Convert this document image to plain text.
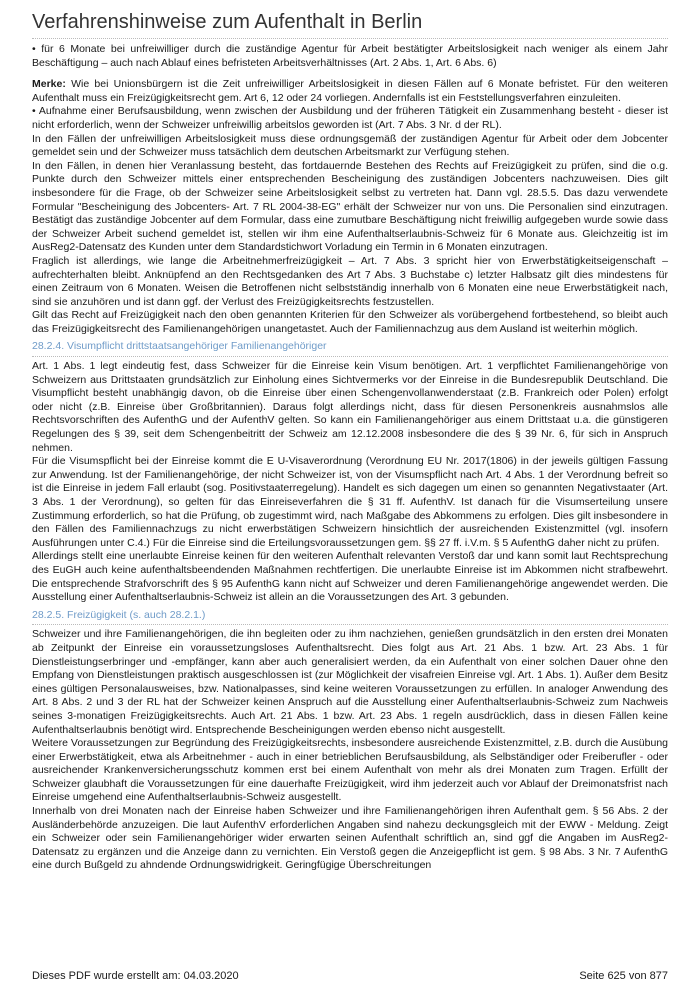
Verfahrenshinweise zum Aufenthalt in Berlin

• für 6 Monate bei unfreiwilliger durch die zuständige Agentur für Arbeit bestätigter Arbeitslosigkeit nach weniger als einem Jahr Beschäftigung – auch nach Ablauf eines befristeten Arbeitsverhältnisses (Art. 2 Abs. 1, Art. 6 Abs. 6)

Merke: Wie bei Unionsbürgern ist die Zeit unfreiwilliger Arbeitslosigkeit in diesen Fällen auf 6 Monate befristet. Für den weiteren Aufenthalt muss ein Freizügigkeitsrecht gem. Art 6, 12 oder 24 vorliegen. Andernfalls ist ein Feststellungsverfahren einzuleiten.

• Aufnahme einer Berufsausbildung, wenn zwischen der Ausbildung und der früheren Tätigkeit ein Zusammenhang besteht - dieser ist nicht erforderlich, wenn der Schweizer unfreiwillig arbeitslos geworden ist (Art. 7 Abs. 3 Nr. d der RL).

In den Fällen der unfreiwilligen Arbeitslosigkeit muss diese ordnungsgemäß der zuständigen Agentur für Arbeit oder dem Jobcenter gemeldet sein und der Schweizer muss tatsächlich dem deutschen Arbeitsmarkt zur Verfügung stehen.

In den Fällen, in denen hier Veranlassung besteht, das fortdauernde Bestehen des Rechts auf Freizügigkeit zu prüfen, sind die o.g. Punkte durch den Schweizer mittels einer entsprechenden Bescheinigung des zuständigen Jobcenters nachzuweisen. Dies gilt insbesondere für die Frage, ob der Schweizer seine Arbeitslosigkeit selbst zu vertreten hat. Dann vgl. 28.5.5. Das dazu verwendete Formular "Bescheinigung des Jobcenters- Art. 7 RL 2004-38-EG" erhält der Schweizer nur von uns. Die Personalien sind einzutragen. Bestätigt das zuständige Jobcenter auf dem Formular, dass eine zumutbare Beschäftigung nicht freiwillig aufgegeben wurde sowie dass der Schweizer Arbeit suchend gemeldet ist, stellen wir ihm eine Aufenthaltserlaubnis-Schweiz für 6 Monate aus. Gleichzeitig ist im AusReg2-Datensatz des Kunden unter dem Standardstichwort Vorladung ein Termin in 6 Monaten einzutragen.

Fraglich ist allerdings, wie lange die Arbeitnehmerfreizügigkeit – Art. 7 Abs. 3 spricht hier von Erwerbstätigkeitseigenschaft – aufrechterhalten bleibt. Anknüpfend an den Rechtsgedanken des Art 7 Abs. 3 Buchstabe c) letzter Halbsatz gilt dies mindestens für einen Zeitraum von 6 Monaten. Weisen die Betroffenen nicht selbstständig innerhalb von 6 Monaten eine neue Erwerbstätigkeit nach, sind sie anzuhören und ist dann ggf. der Verlust des Freizügigkeitsrechts festzustellen.

Gilt das Recht auf Freizügigkeit nach den oben genannten Kriterien für den Schweizer als vorübergehend fortbestehend, so bleibt auch das Freizügigkeitsrecht des Familienangehörigen unangetastet. Auch der Familiennachzug aus dem Ausland ist weiterhin möglich.

28.2.4. Visumpflicht drittstaatsangehöriger Familienangehöriger

Art. 1 Abs. 1 legt eindeutig fest, dass Schweizer für die Einreise kein Visum benötigen. Art. 1 verpflichtet Familienangehörige von Schweizern aus Drittstaaten grundsätzlich zur Einholung eines Sichtvermerks vor der Einreise in die Bundesrepublik Deutschland. Die Visumpflicht besteht unabhängig davon, ob die Einreise über einen Schengenvollanwenderstaat (z.B. Frankreich oder Polen) erfolgt oder nicht (z.B. Einreise über Großbritannien). Daraus folgt allerdings nicht, dass für diesen Personenkreis ausnahmslos alle Rechtsvorschriften des AufenthG und der AufenthV gelten. So kann ein Familienangehöriger aus einem Drittstaat u.a. die günstigeren Regelungen des § 39, seit dem Schengenbeitritt der Schweiz am 12.12.2008 insbesondere die des § 39 Nr. 6, für sich in Anspruch nehmen.

Für die Visumspflicht bei der Einreise kommt die E U-Visaverordnung (Verordnung EU Nr. 2017(1806) in der jeweils gültigen Fassung zur Anwendung. Ist der Familienangehörige, der nicht Schweizer ist, von der Visumspflicht nach Art. 4 Abs. 1 der Verordnung befreit so ist die Einreise in jedem Fall erlaubt (sog. Positivstaaterregelung). Handelt es sich dagegen um einen so genannten Negativstaater (Art. 3 Abs. 1 der Verordnung), so gelten für das Einreiseverfahren die § 31 ff. AufenthV. Ist danach für die Visumserteilung unsere Zustimmung erforderlich, so hat die Prüfung, ob zugestimmt wird, nach Maßgabe des Abkommens zu erfolgen. Dies gilt insbesondere in den Fällen des Familiennachzugs zu nicht erwerbstätigen Schweizern hinsichtlich der ausreichenden Existenzmittel (vgl. insofern Ausführungen unter C.4.) Für die Einreise sind die Erteilungsvoraussetzungen gem. §§ 27 ff. i.V.m. § 5 AufenthG daher nicht zu prüfen.

Allerdings stellt eine unerlaubte Einreise keinen für den weiteren Aufenthalt relevanten Verstoß dar und kann somit laut Rechtsprechung des EuGH auch keine aufenthaltsbeendenden Maßnahmen rechtfertigen. Die unerlaubte Einreise ist im Abkommen nicht strafbewehrt. Die entsprechende Strafvorschrift des § 95 AufenthG kann nicht auf Schweizer und deren Familienangehörige angewendet werden. Die Ausstellung einer Aufenthaltserlaubnis-Schweiz ist allein an die Voraussetzungen des Art. 3 gebunden.

28.2.5. Freizügigkeit (s. auch 28.2.1.)

Schweizer und ihre Familienangehörigen, die ihn begleiten oder zu ihm nachziehen, genießen grundsätzlich in den ersten drei Monaten ab Zeitpunkt der Einreise ein voraussetzungsloses Aufenthaltsrecht. Dies folgt aus Art. 21 Abs. 1 bzw. Art. 23 Abs. 1 für Dienstleistungserbringer und -empfänger, kann aber auch generalisiert werden, da ein Aufenthalt von einer solchen Dauer ohne den Empfang von Dienstleistungen praktisch ausgeschlossen ist (zur Möglichkeit der visafreien Einreise vgl. Art. 1 Abs. 1). Außer dem Besitz eines gültigen Personalausweises, bzw. Nationalpasses, sind keine weiteren Voraussetzungen zu erfüllen. In analoger Anwendung des Art. 8 Abs. 2 und 3 der RL hat der Schweizer keinen Anspruch auf die Ausstellung einer Aufenthaltserlaubnis-Schweiz zum Nachweis seines 3-monatigen Freizügigkeitsrechts. Auch Art. 21 Abs. 1 bzw. Art. 23 Abs. 1 regeln ausdrücklich, dass in diesen Fällen keine Aufenthaltserlaubnis benötigt wird. Entsprechende Bescheinigungen werden ebenso nicht ausgestellt.

Weitere Voraussetzungen zur Begründung des Freizügigkeitsrechts, insbesondere ausreichende Existenzmittel, z.B. durch die Ausübung einer Erwerbstätigkeit, etwa als Arbeitnehmer - auch in einer betrieblichen Berufsausbildung, als Selbständiger oder Freiberufler - oder ausreichender Krankenversicherungsschutz kommen erst bei einem Aufenthalt von mehr als drei Monaten zum Tragen. Erfüllt der Schweizer glaubhaft die Voraussetzungen für eine dauerhafte Freizügigkeit, wird ihm jederzeit auch vor Ablauf der Dreimonatsfrist nach Einreise umgehend eine Aufenthaltserlaubnis-Schweiz ausgestellt.

Innerhalb von drei Monaten nach der Einreise haben Schweizer und ihre Familienangehörigen ihren Aufenthalt gem. § 56 Abs. 2 der Ausländerbehörde anzuzeigen. Die laut AufenthV erforderlichen Angaben sind nahezu deckungsgleich mit der EWW - Meldung. Zeigt ein Schweizer oder sein Familienangehöriger wider erwarten seinen Aufenthalt schriftlich an, sind ggf die Angaben im AusReg2-Datensatz zu ergänzen und die Anzeige dann zu vernichten. Ein Verstoß gegen die Anzeigepflicht ist gem. § 98 Abs. 3 Nr. 7 AufenthG eine durch Bußgeld zu ahndende Ordnungswidrigkeit. Geringfügige Überschreitungen

Dieses PDF wurde erstellt am: 04.03.2020	Seite 625 von 877
